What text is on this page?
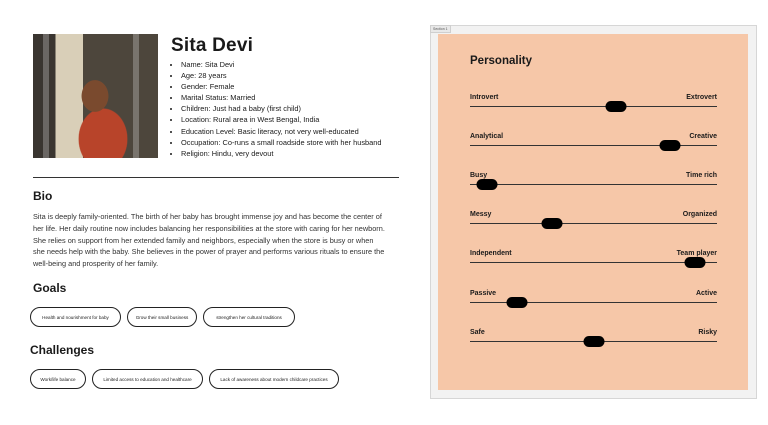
Sita Devi
• Name: Sita Devi
• Age: 28 years
• Gender: Female
• Marital Status: Married
• Children: Just had a baby (first child)
• Location: Rural area in West Bengal, India
• Education Level: Basic literacy, not very well-educated
• Occupation: Co-runs a small roadside store with her husband
• Religion: Hindu, very devout
Bio

Sita is deeply family-oriented. The birth of her baby has brought immense joy and has become the center of her life. Her daily routine now includes balancing her responsibilities at the store with caring for her newborn. She relies on support from her extended family and neighbors, especially when the store is busy or when she needs help with the baby. She believes in the power of prayer and performs various rituals to ensure the well-being and prosperity of her family.

Goals
Health and nourishment for baby	Grow their small business	strengthen her cultural traditions
Challenges
Work/life balance	Limited access to education and healthcare	Lack of awareness about modern childcare practices
Section 1
Personality
Introvert	Extrovert
Analytical	Creative
Busy	Time rich
Messy	Organized
Independent	Team player
Passive	Active
Safe	Risky
